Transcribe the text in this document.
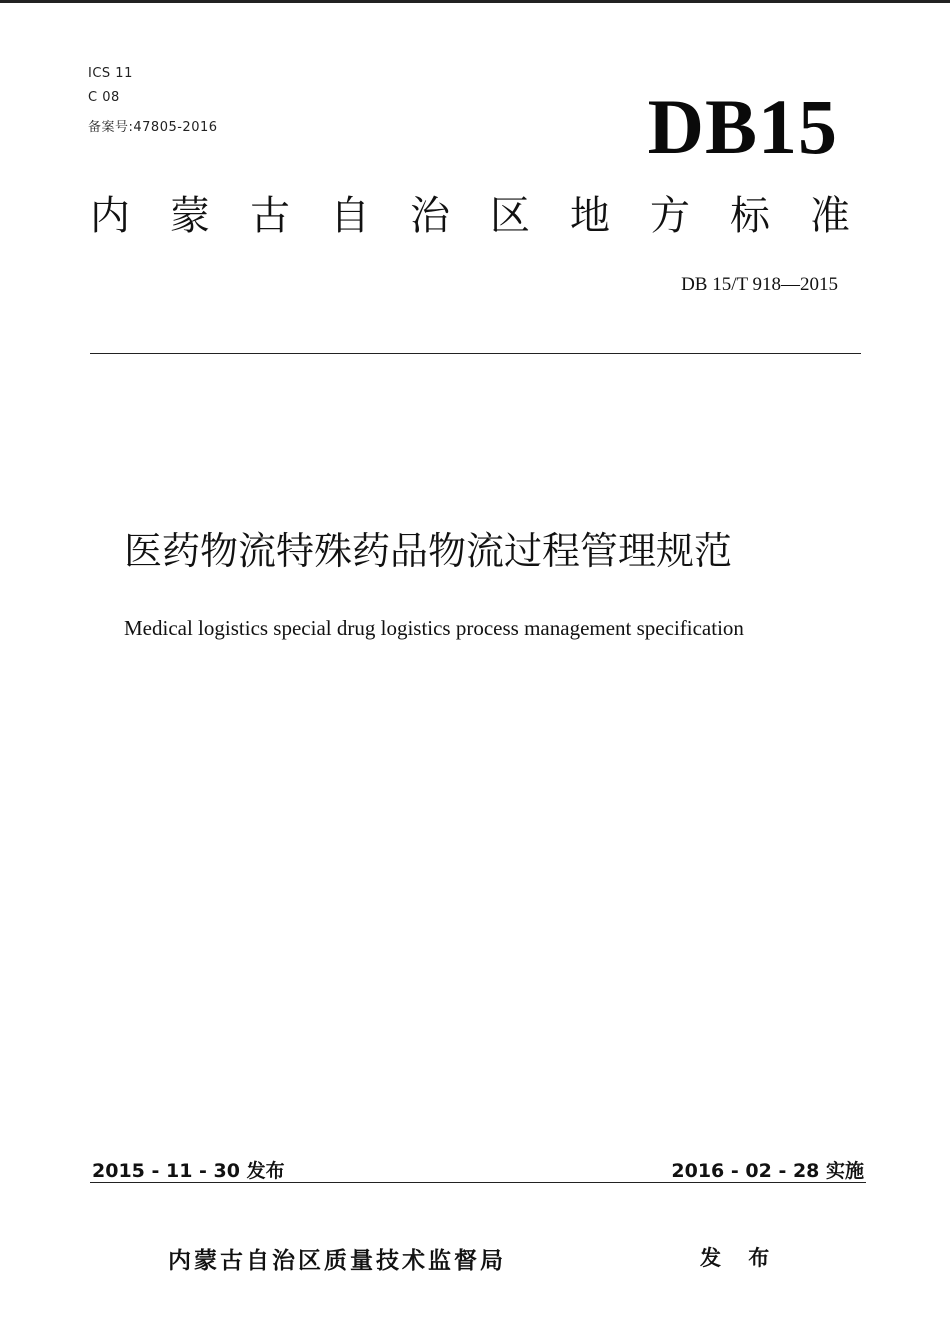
ICS 11
C 08
备案号:47805-2016	DB15
内 蒙 古 自 治 区 地 方 标 准
DB 15/T 918—2015
医药物流特殊药品物流过程管理规范
Medical logistics special drug logistics process management specification
2015 - 11 - 30 发布	2016 - 02 - 28 实施
内蒙古自治区质量技术监督局	发 布
